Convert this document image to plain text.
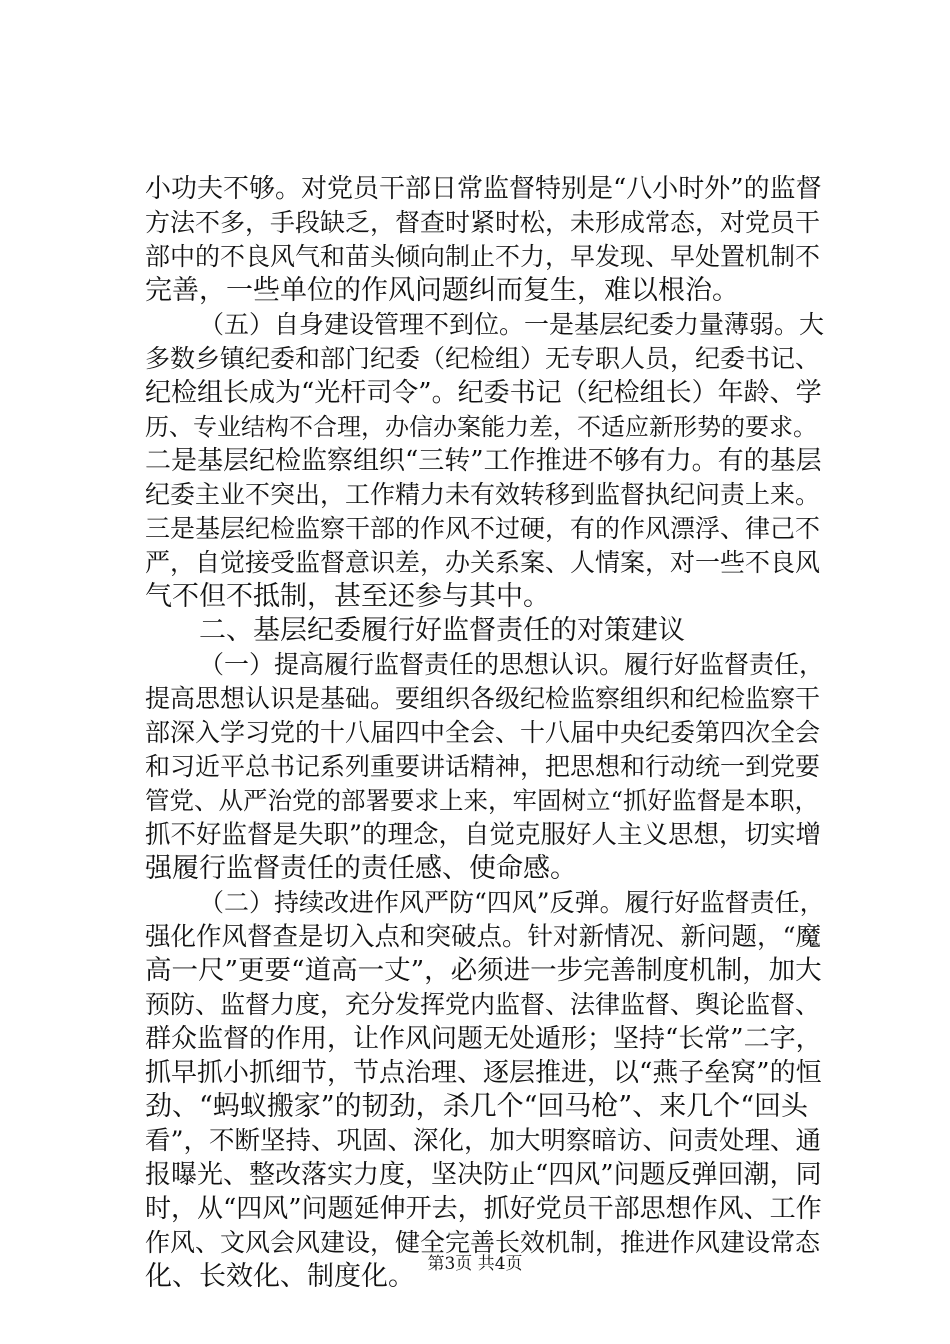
小功夫不够。对党员干部日常监督特别是“八小时外”的监督
方法不多，手段缺乏，督查时紧时松，未形成常态，对党员干
部中的不良风气和苗头倾向制止不力，早发现、早处置机制不
完善，一些单位的作风问题纠而复生，难以根治。
（五）自身建设管理不到位。一是基层纪委力量薄弱。大
多数乡镇纪委和部门纪委（纪检组）无专职人员，纪委书记、
纪检组长成为“光杆司令”。纪委书记（纪检组长）年龄、学
历、专业结构不合理，办信办案能力差，不适应新形势的要求。
二是基层纪检监察组织“三转”工作推进不够有力。有的基层
纪委主业不突出，工作精力未有效转移到监督执纪问责上来。
三是基层纪检监察干部的作风不过硬，有的作风漂浮、律己不
严，自觉接受监督意识差，办关系案、人情案，对一些不良风
气不但不抵制，甚至还参与其中。
二、基层纪委履行好监督责任的对策建议
（一）提高履行监督责任的思想认识。履行好监督责任，
提高思想认识是基础。要组织各级纪检监察组织和纪检监察干
部深入学习党的十八届四中全会、十八届中央纪委第四次全会
和习近平总书记系列重要讲话精神，把思想和行动统一到党要
管党、从严治党的部署要求上来，牢固树立“抓好监督是本职，
抓不好监督是失职”的理念，自觉克服好人主义思想，切实增
强履行监督责任的责任感、使命感。
（二）持续改进作风严防“四风”反弹。履行好监督责任，
强化作风督查是切入点和突破点。针对新情况、新问题，“魔
高一尺”更要“道高一丈”，必须进一步完善制度机制，加大
预防、监督力度，充分发挥党内监督、法律监督、舆论监督、
群众监督的作用，让作风问题无处遁形；坚持“长常”二字，
抓早抓小抓细节，节点治理、逐层推进，以“燕子垒窝”的恒
劲、“蚂蚁搬家”的韧劲，杀几个“回马枪”、来几个“回头
看”，不断坚持、巩固、深化，加大明察暗访、问责处理、通
报曝光、整改落实力度，坚决防止“四风”问题反弹回潮，同
时，从“四风”问题延伸开去，抓好党员干部思想作风、工作
作风、文风会风建设，健全完善长效机制，推进作风建设常态
化、长效化、制度化。 第3页 共4页
